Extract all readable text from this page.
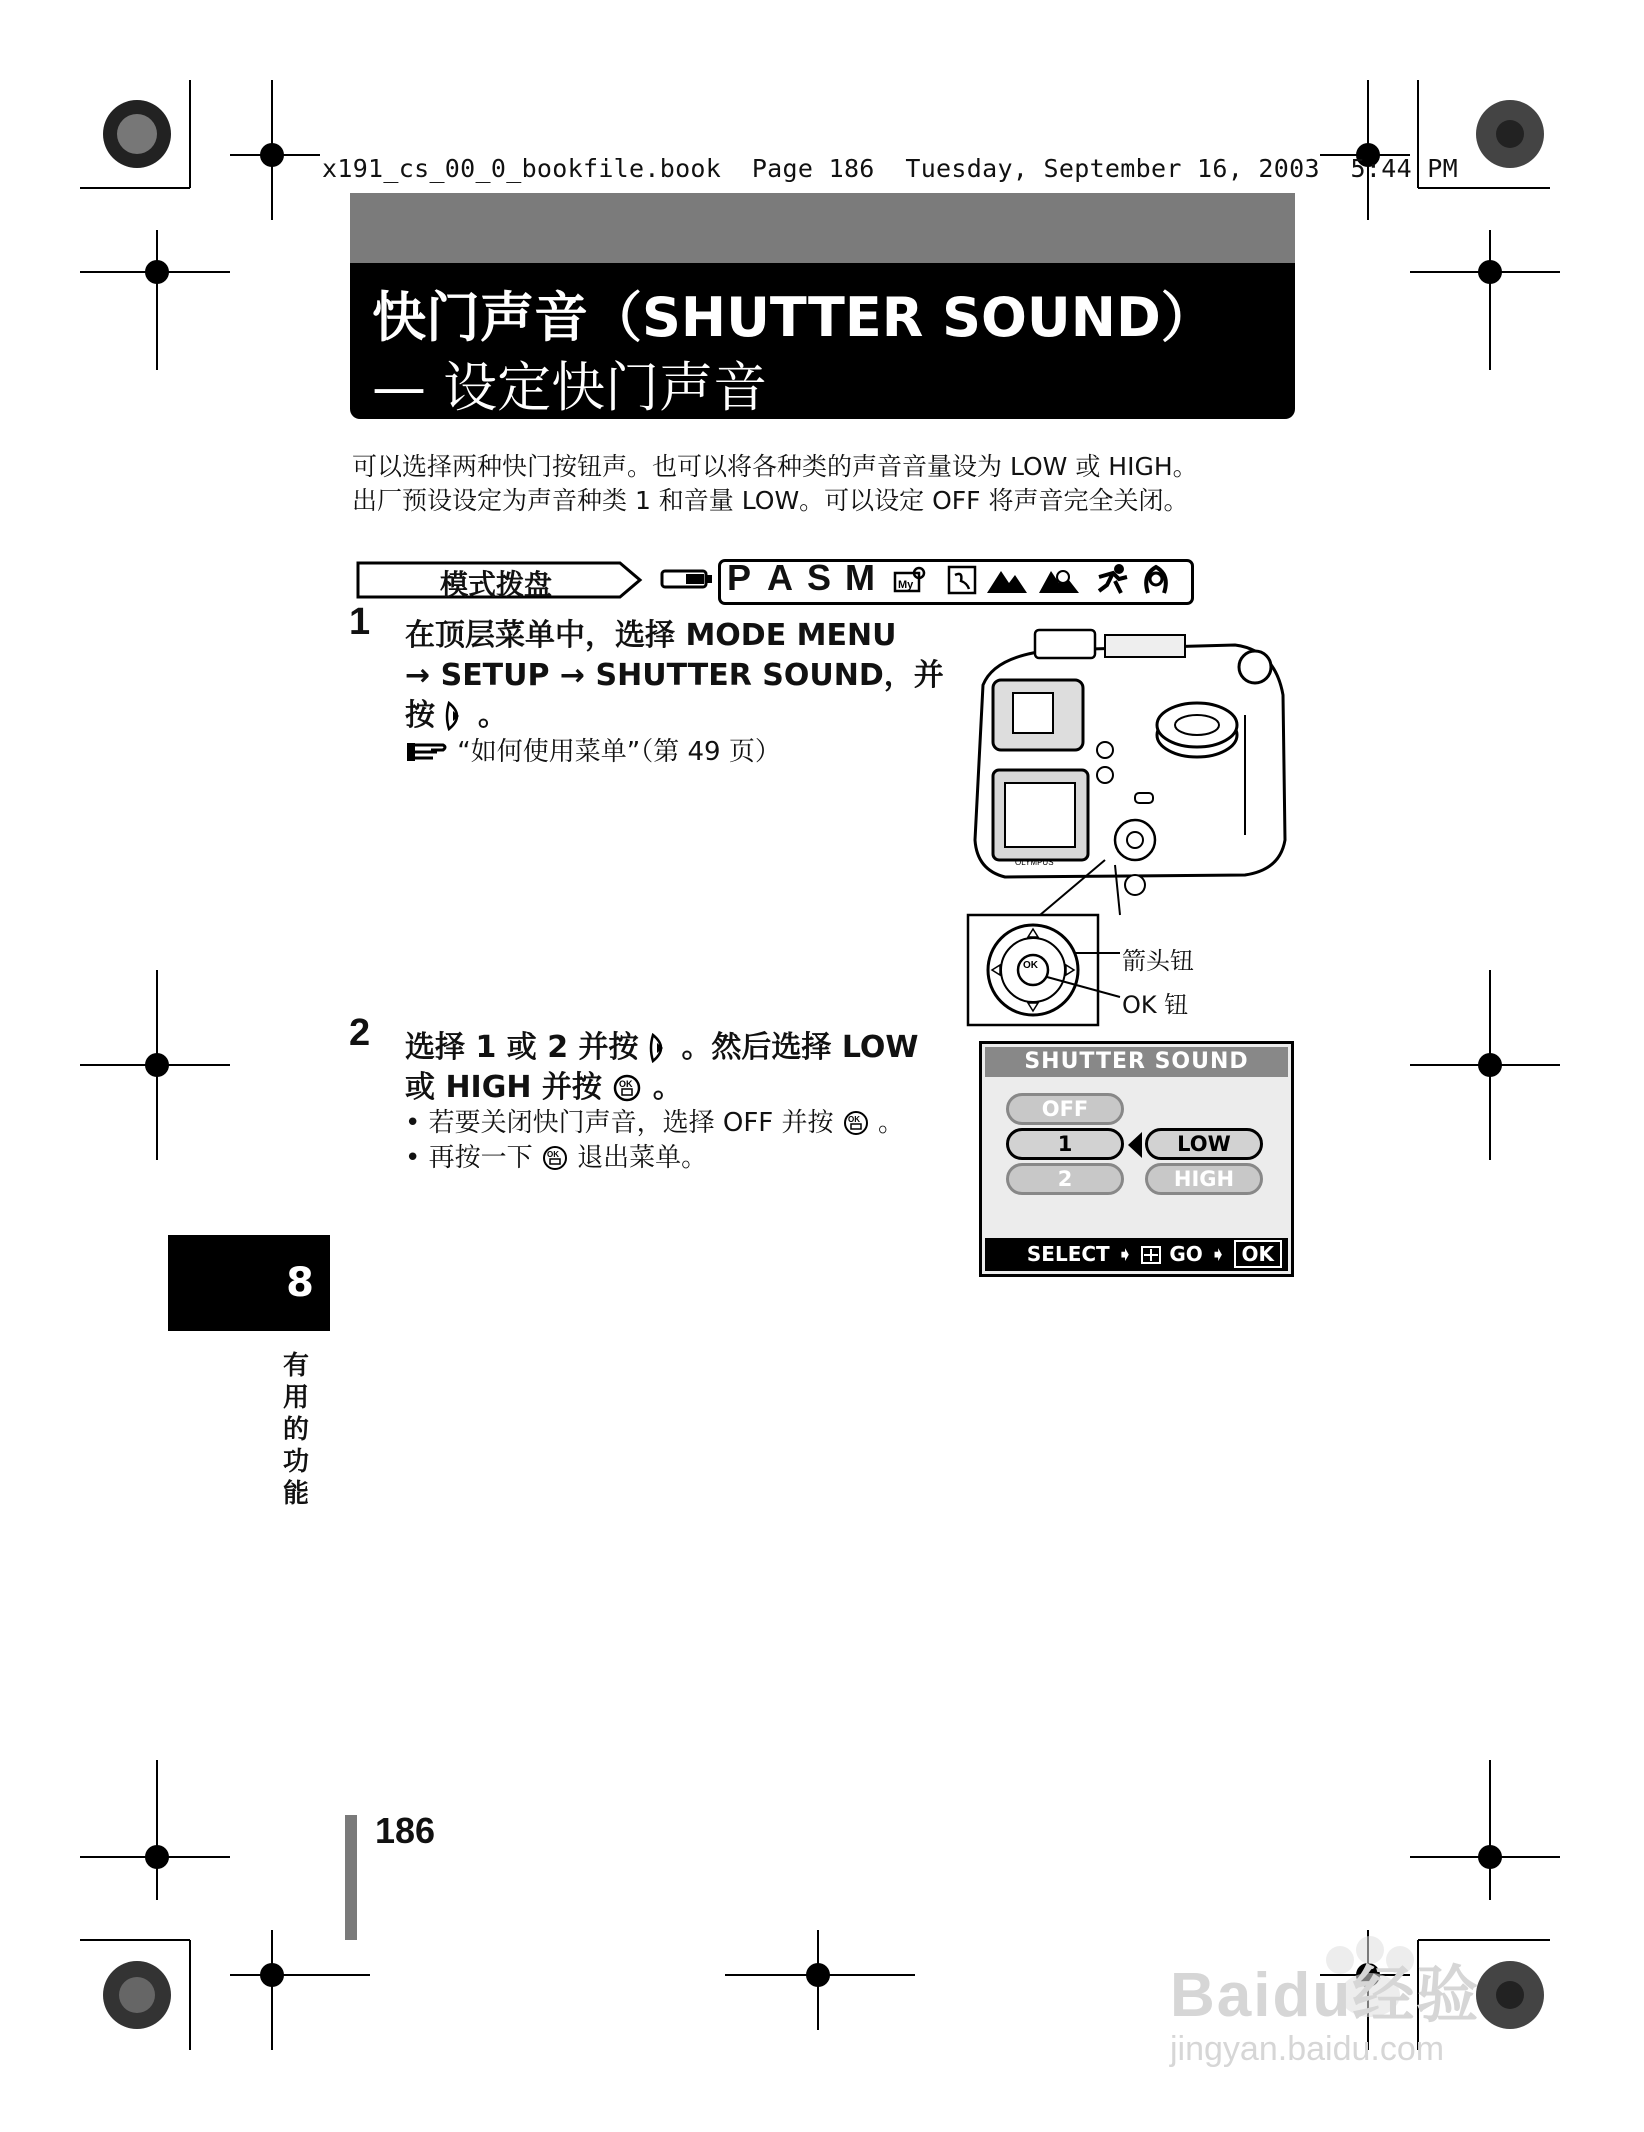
x191_cs_00_0_bookfile.book  Page 186  Tuesday, September 16, 2003  5:44 PM
快门声音（SHUTTER SOUND）
— 设定快门声音
可以选择两种快门按钮声。也可以将各种类的声音音量设为 LOW 或 HIGH。
出厂预设设定为声音种类 1 和音量 LOW。可以设定 OFF 将声音完全关闭。
模式拨盘	P A S M My
1 在顶层菜单中，选择 MODE MENU
→ SETUP → SHUTTER SOUND，并
按 。
“如何使用菜单”（第 49 页）
OLYMPUS
OK	箭头钮
OK 钮
2 选择 1 或 2 并按 。然后选择 LOW
或 HIGH 并按 OK 。
• 若要关闭快门声音，选择 OFF 并按 OK 。
• 再按一下 OK 退出菜单。
SHUTTER SOUND
OFF
1
2
LOW
HIGH
SELECT ➧ GO ➧ OK
8
有用的功能
186
Baidu经验
jingyan.baidu.com
